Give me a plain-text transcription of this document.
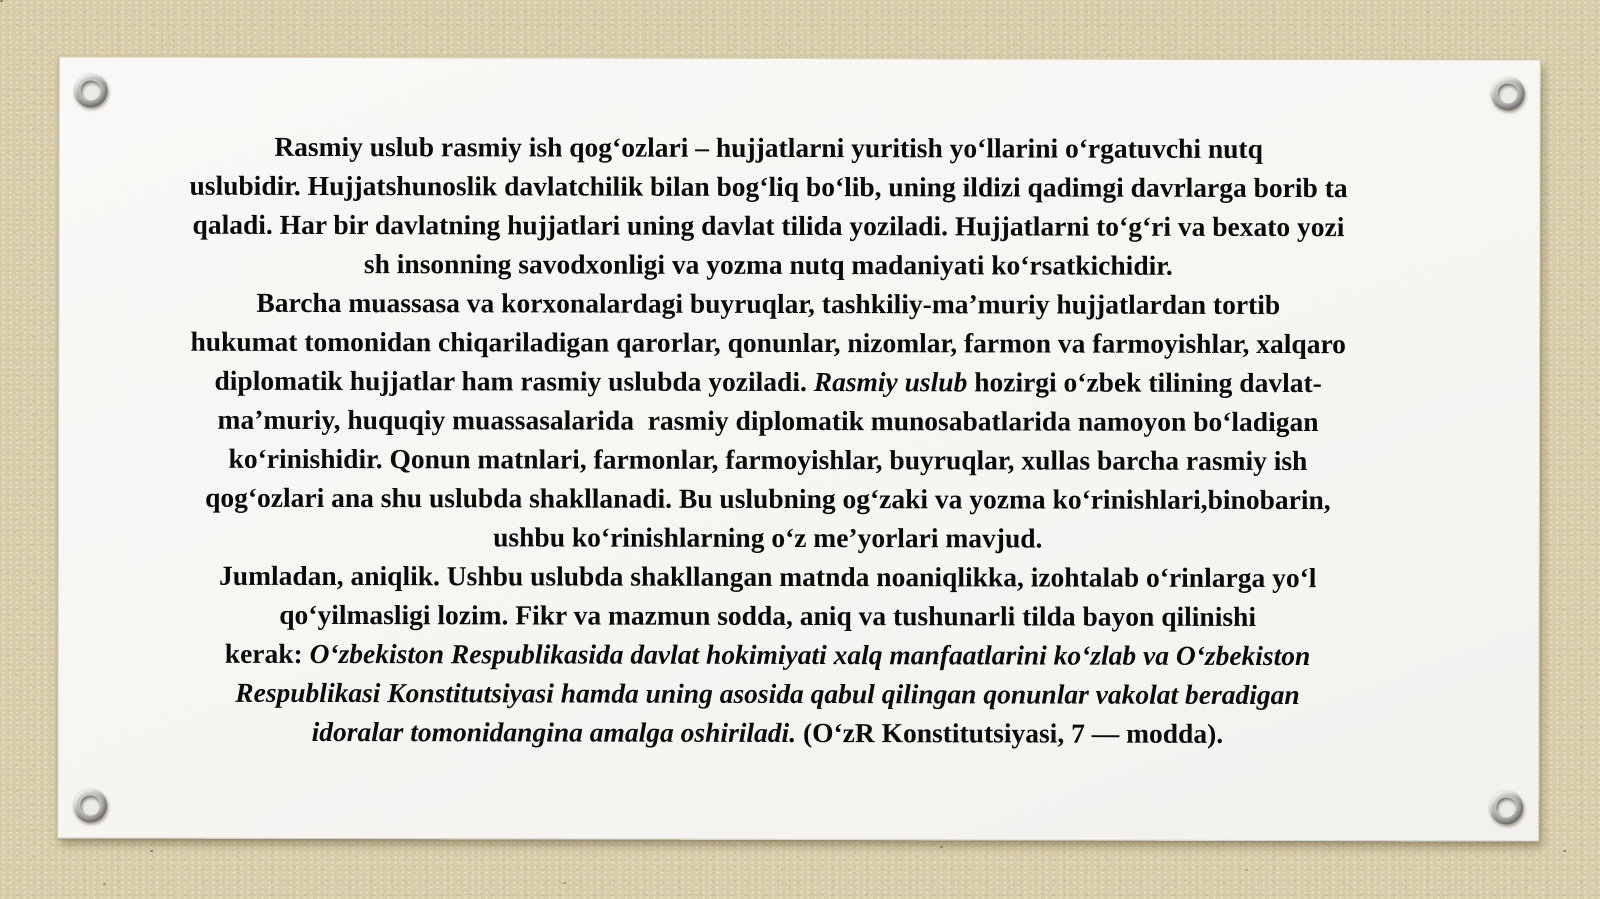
Rasmiy uslub rasmiy ish qogʻozlari – hujjatlarni yuritish yoʻllarini oʻrgatuvchi nutq
uslubidir. Hujjatshunoslik davlatchilik bilan bogʻliq boʻlib, uning ildizi qadimgi davrlarga borib ta
qaladi. Har bir davlatning hujjatlari uning davlat tilida yoziladi. Hujjatlarni toʻgʻri va bexato yozi
sh insonning savodxonligi va yozma nutq madaniyati koʻrsatkichidir.
Barcha muassasa va korxonalardagi buyruqlar, tashkiliy-maʼmuriy hujjatlardan tortib
hukumat tomonidan chiqariladigan qarorlar, qonunlar, nizomlar, farmon va farmoyishlar, xalqaro
diplomatik hujjatlar ham rasmiy uslubda yoziladi. Rasmiy uslub hozirgi oʻzbek tilining davlat-
maʼmuriy, huquqiy muassasalarida  rasmiy diplomatik munosabatlarida namoyon boʻladigan
koʻrinishidir. Qonun matnlari, farmonlar, farmoyishlar, buyruqlar, xullas barcha rasmiy ish
qogʻozlari ana shu uslubda shakllanadi. Bu uslubning ogʻzaki va yozma koʻrinishlari,binobarin,
ushbu koʻrinishlarning oʻz meʼyorlari mavjud.
Jumladan, aniqlik. Ushbu uslubda shakllangan matnda noaniqlikka, izohtalab oʻrinlarga yoʻl
qoʻyilmasligi lozim. Fikr va mazmun sodda, aniq va tushunarli tilda bayon qilinishi
kerak: Oʻzbekiston Respublikasida davlat hokimiyati xalq manfaatlarini koʻzlab va Oʻzbekiston
Respublikasi Konstitutsiyasi hamda uning asosida qabul qilingan qonunlar vakolat beradigan
idoralar tomonidangina amalga oshiriladi. (OʻzR Konstitutsiyasi, 7 — modda).
